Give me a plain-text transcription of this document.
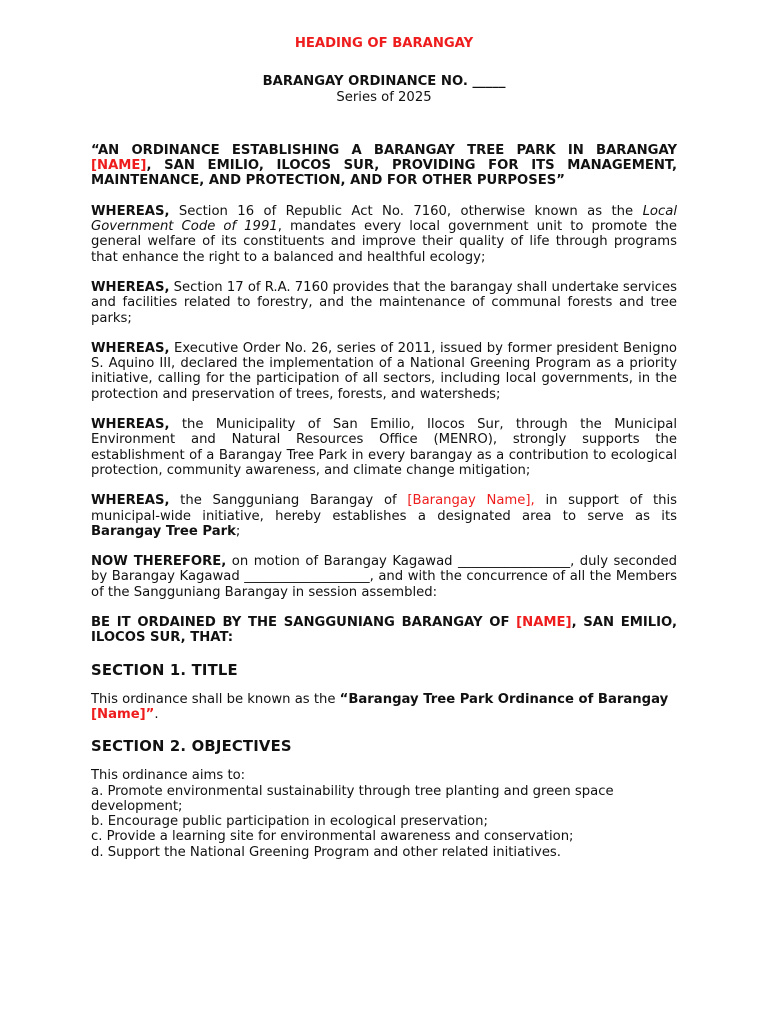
HEADING OF BARANGAY

BARANGAY ORDINANCE NO. _____

Series of 2025

“AN ORDINANCE ESTABLISHING A BARANGAY TREE PARK IN BARANGAY [NAME], SAN EMILIO, ILOCOS SUR, PROVIDING FOR ITS MANAGEMENT, MAINTENANCE, AND PROTECTION, AND FOR OTHER PURPOSES”

WHEREAS, Section 16 of Republic Act No. 7160, otherwise known as the Local Government Code of 1991, mandates every local government unit to promote the general welfare of its constituents and improve their quality of life through programs that enhance the right to a balanced and healthful ecology;

WHEREAS, Section 17 of R.A. 7160 provides that the barangay shall undertake services and facilities related to forestry, and the maintenance of communal forests and tree parks;

WHEREAS, Executive Order No. 26, series of 2011, issued by former president Benigno S. Aquino III, declared the implementation of a National Greening Program as a priority initiative, calling for the participation of all sectors, including local governments, in the protection and preservation of trees, forests, and watersheds;

WHEREAS, the Municipality of San Emilio, Ilocos Sur, through the Municipal Environment and Natural Resources Office (MENRO), strongly supports the establishment of a Barangay Tree Park in every barangay as a contribution to ecological protection, community awareness, and climate change mitigation;

WHEREAS, the Sangguniang Barangay of [Barangay Name], in support of this municipal-wide initiative, hereby establishes a designated area to serve as its Barangay Tree Park;

NOW THEREFORE, on motion of Barangay Kagawad _________________, duly seconded by Barangay Kagawad ___________________, and with the concurrence of all the Members of the Sangguniang Barangay in session assembled:

BE IT ORDAINED BY THE SANGGUNIANG BARANGAY OF [NAME], SAN EMILIO, ILOCOS SUR, THAT:

SECTION 1. TITLE

This ordinance shall be known as the “Barangay Tree Park Ordinance of Barangay [Name]”.

SECTION 2. OBJECTIVES

This ordinance aims to:
a. Promote environmental sustainability through tree planting and green space development;
b. Encourage public participation in ecological preservation;
c. Provide a learning site for environmental awareness and conservation;
d. Support the National Greening Program and other related initiatives.
